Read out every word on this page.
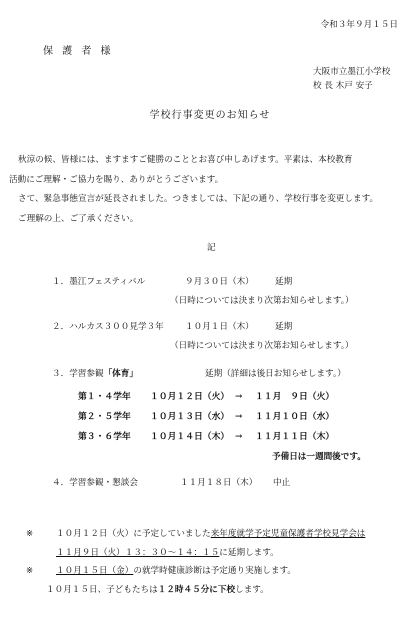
令和３年９月１５日
保 護 者 様
大阪市立墨江小学校
校 長 木戸 安子
学校行事変更のお知らせ
秋涼の候、皆様には、ますますご健勝のこととお喜び申しあげます。平素は、本校教育
活動にご理解・ご協力を賜り、ありがとうございます。
さて、緊急事態宣言が延長されました。つきましては、下記の通り、学校行事を変更します。
ご理解の上、ご了承ください。
記
１．墨江フェスティバル	９月３０日（木） 延期
（日時については決まり次第お知らせします。）
２．ハルカス３００見学３年 １０月１日（木） 延期
（日時については決まり次第お知らせします。）
３．学習参観「体育」	延期（詳細は後日お知らせします。）
第１・４学年 １０月１２日（火） → １１月　９日（火）
第２・５学年 １０月１３日（水） → １１月１０日（水）
第３・６学年 １０月１４日（木） → １１月１１日（木）
予備日は一週間後です。
４．学習参観・懇談会	１１月１８日（木） 中止
※	１０月１２日（火）に予定していました来年度就学予定児童保護者学校見学会は
１１月９日（火）１３：３０～１４：１５に延期します。
※	１０月１５日（金）の就学時健康診断は予定通り実施します。
１０月１５日、子どもたちは１２時４５分に下校します。
